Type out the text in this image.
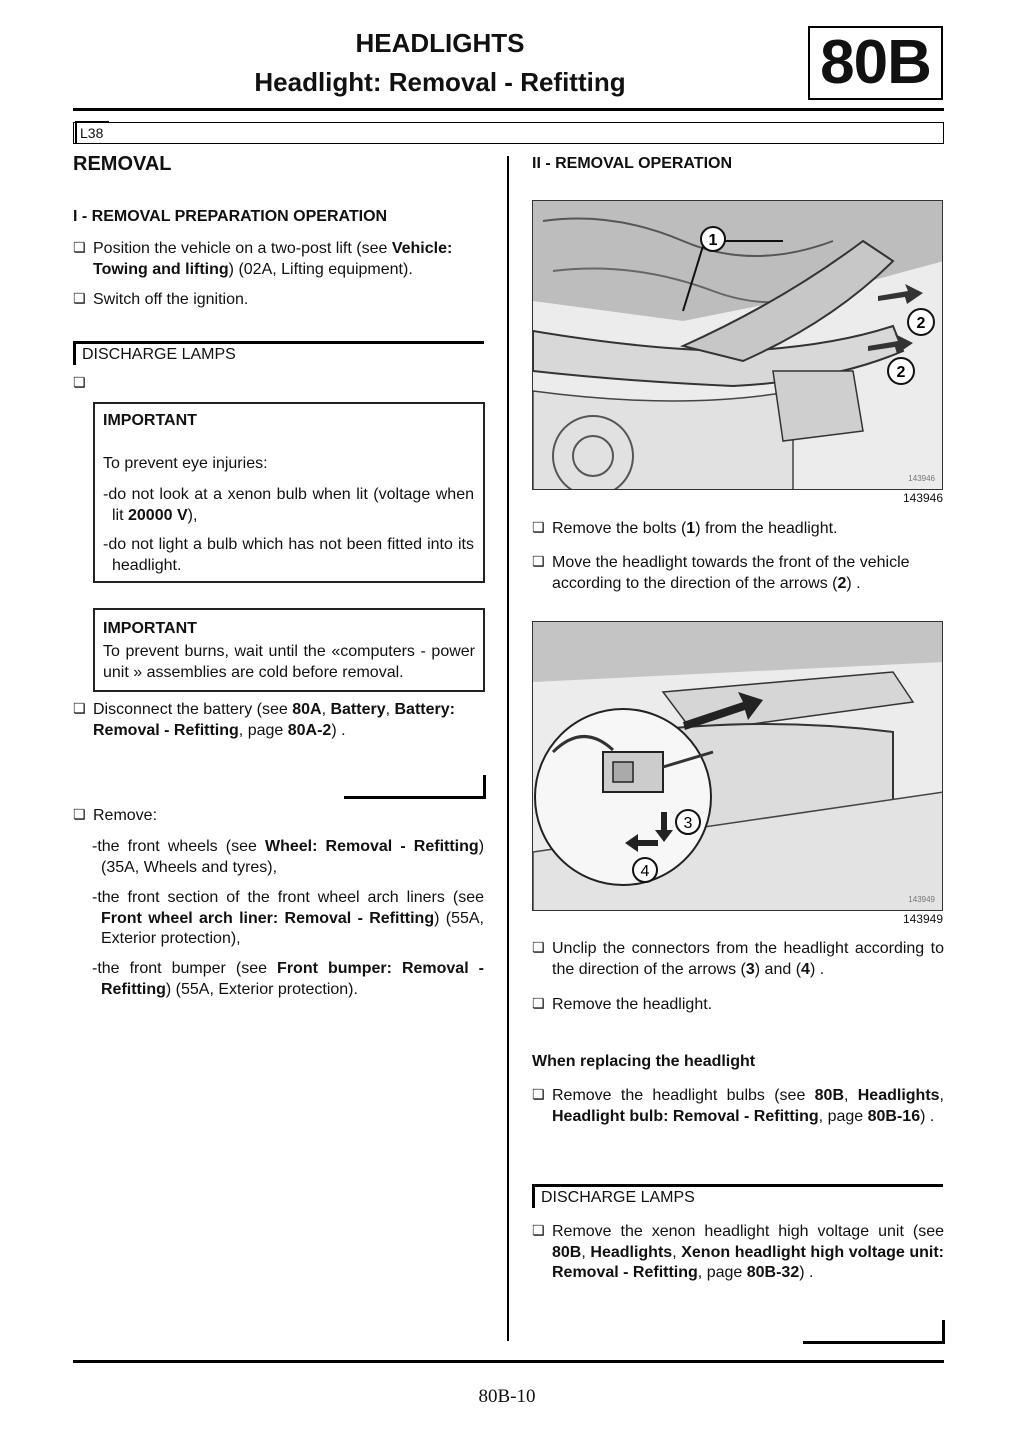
HEADLIGHTS
Headlight: Removal - Refitting	80B
L38
REMOVAL
I - REMOVAL PREPARATION OPERATION
❏ Position the vehicle on a two-post lift (see Vehicle: Towing and lifting) (02A, Lifting equipment).
❏ Switch off the ignition.
DISCHARGE LAMPS
❏
IMPORTANT
To prevent eye injuries:
-do not look at a xenon bulb when lit (voltage when lit 20000 V),
-do not light a bulb which has not been fitted into its headlight.
IMPORTANT
To prevent burns, wait until the «computers - power unit » assemblies are cold before removal.
❏ Disconnect the battery (see 80A, Battery, Battery: Removal - Refitting, page 80A-2) .
❏ Remove:
-the front wheels (see Wheel: Removal - Refitting) (35A, Wheels and tyres),
-the front section of the front wheel arch liners (see Front wheel arch liner: Removal - Refitting) (55A, Exterior protection),
-the front bumper (see Front bumper: Removal - Refitting) (55A, Exterior protection).
II - REMOVAL OPERATION
1
2
2
143946
143946
❏ Remove the bolts (1) from the headlight.
❏ Move the headlight towards the front of the vehicle according to the direction of the arrows (2) .
3
4
143949
143949
❏ Unclip the connectors from the headlight according to the direction of the arrows (3) and (4) .
❏ Remove the headlight.
When replacing the headlight
❏ Remove the headlight bulbs (see 80B, Headlights, Headlight bulb: Removal - Refitting, page 80B-16) .
DISCHARGE LAMPS
❏ Remove the xenon headlight high voltage unit (see 80B, Headlights, Xenon headlight high voltage unit: Removal - Refitting, page 80B-32) .
80B-10
